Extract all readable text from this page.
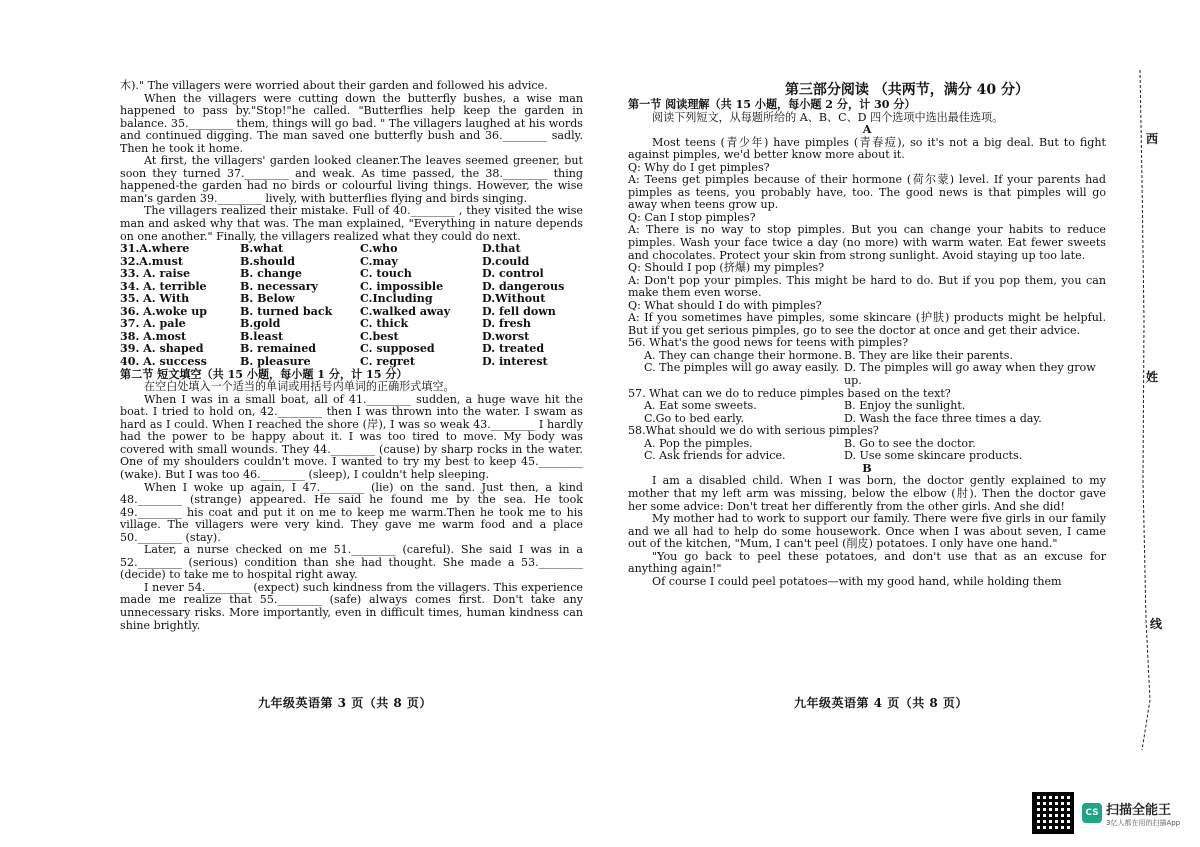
木)." The villagers were worried about their garden and followed his advice.

When the villagers were cutting down the butterfly bushes, a wise man happened to pass by."Stop!"he called. "Butterflies help keep the garden in balance. 35.________ them, things will go bad. " The villagers laughed at his words and continued digging. The man saved one butterfly bush and 36.________ sadly. Then he took it home.

At first, the villagers' garden looked cleaner.The leaves seemed greener, but soon they turned 37.________ and weak. As time passed, the 38.________ thing happened-the garden had no birds or colourful living things. However, the wise man's garden 39.________ lively, with butterflies flying and birds singing.

The villagers realized their mistake. Full of 40.________ , they visited the wise man and asked why that was. The man explained, "Everything in nature depends on one another." Finally, the villagers realized what they could do next.

31.A.where	B.what	C.who	D.that
32.A.must	B.should	C.may	D.could
33. A. raise	B. change	C. touch	D. control
34. A. terrible	B. necessary	C. impossible	D. dangerous
35. A. With	B. Below	C.Including	D.Without
36. A.woke up	B. turned back	C.walked away	D. fell down
37. A. pale	B.gold	C. thick	D. fresh
38. A.most	B.least	C.best	D.worst
39. A. shaped	B. remained	C. supposed	D. treated
40. A. success	B. pleasure	C. regret	D. interest

第二节 短文填空（共 15 小题，每小题 1 分，计 15 分）

在空白处填入一个适当的单词或用括号内单词的正确形式填空。

When I was in a small boat, all of 41.________ sudden, a huge wave hit the boat. I tried to hold on, 42.________ then I was thrown into the water. I swam as hard as I could. When I reached the shore (岸), I was so weak 43.________ I hardly had the power to be happy about it. I was too tired to move. My body was covered with small wounds. They 44.________ (cause) by sharp rocks in the water. One of my shoulders couldn't move. I wanted to try my best to keep 45.________ (wake). But I was too 46.________ (sleep), I couldn't help sleeping.

When I woke up again, I 47.________ (lie) on the sand. Just then, a kind 48.________ (strange) appeared. He said he found me by the sea. He took 49.________ his coat and put it on me to keep me warm.Then he took me to his village. The villagers were very kind. They gave me warm food and a place 50.________ (stay).

Later, a nurse checked on me 51.________ (careful). She said I was in a 52.________ (serious) condition than she had thought. She made a 53.________ (decide) to take me to hospital right away.

I never 54.________ (expect) such kindness from the villagers. This experience made me realize that 55.________ (safe) always comes first. Don't take any unnecessary risks. More importantly, even in difficult times, human kindness can shine brightly.

九年级英语第 3 页（共 8 页）

第三部分阅读 （共两节，满分 40 分）

第一节 阅读理解（共 15 小题，每小题 2 分，计 30 分）

阅读下列短文，从每题所给的 A、B、C、D 四个选项中选出最佳选项。

A

Most teens (青少年) have pimples (青春痘), so it's not a big deal. But to fight against pimples, we'd better know more about it.

Q: Why do I get pimples?

A: Teens get pimples because of their hormone (荷尔蒙) level. If your parents had pimples as teens, you probably have, too. The good news is that pimples will go away when teens grow up.

Q: Can I stop pimples?

A: There is no way to stop pimples. But you can change your habits to reduce pimples. Wash your face twice a day (no more) with warm water. Eat fewer sweets and chocolates. Protect your skin from strong sunlight. Avoid staying up too late.

Q: Should I pop (挤爆) my pimples?

A: Don't pop your pimples. This might be hard to do. But if you pop them, you can make them even worse.

Q: What should I do with pimples?

A: If you sometimes have pimples, some skincare (护肤) products might be helpful. But if you get serious pimples, go to see the doctor at once and get their advice.

56. What's the good news for teens with pimples?

A. They can change their hormone. B. They are like their parents.
C. The pimples will go away easily. D. The pimples will go away when they grow up.

57. What can we do to reduce pimples based on the text?

A. Eat some sweets.	B. Enjoy the sunlight.
C.Go to bed early.	D. Wash the face three times a day.

58.What should we do with serious pimples?

A. Pop the pimples.	B. Go to see the doctor.
C. Ask friends for advice.	D. Use some skincare products.

B

I am a disabled child. When I was born, the doctor gently explained to my mother that my left arm was missing, below the elbow (肘). Then the doctor gave her some advice: Don't treat her differently from the other girls. And she did!

My mother had to work to support our family. There were five girls in our family and we all had to help do some housework. Once when I was about seven, I came out of the kitchen, "Mum, I can't peel (削皮) potatoes. I only have one hand."

"You go back to peel these potatoes, and don't use that as an excuse for anything again!"

Of course I could peel potatoes—with my good hand, while holding them

九年级英语第 4 页（共 8 页）
西
姓
线
CS 扫描全能王
3亿人都在用的扫描App
